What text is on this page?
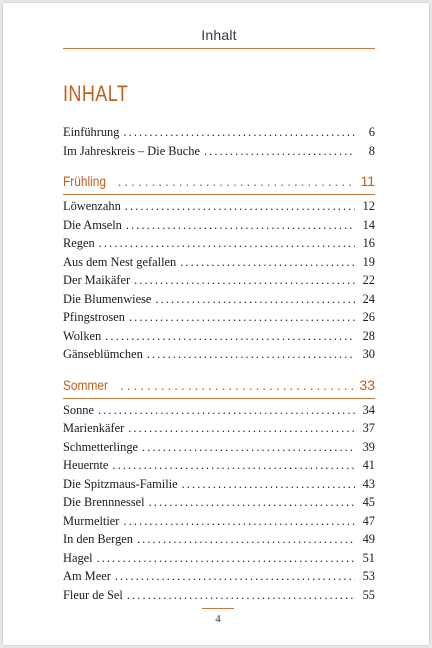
Inhalt
INHALT
Einführung . . .	6
Im Jahreskreis – Die Buche . . .	8
Frühling . . .	11
Löwenzahn . . .	12
Die Amseln . . .	14
Regen . . .	16
Aus dem Nest gefallen . . .	19
Der Maikäfer . . .	22
Die Blumenwiese . . .	24
Pfingstrosen . . .	26
Wolken . . .	28
Gänseblümchen . . .	30
Sommer . . .	33
Sonne . . .	34
Marienkäfer . . .	37
Schmetterlinge . . .	39
Heuernte . . .	41
Die Spitzmaus-Familie . . .	43
Die Brennnessel . . .	45
Murmeltier . . .	47
In den Bergen . . .	49
Hagel . . .	51
Am Meer . . .	53
Fleur de Sel . . .	55
4
